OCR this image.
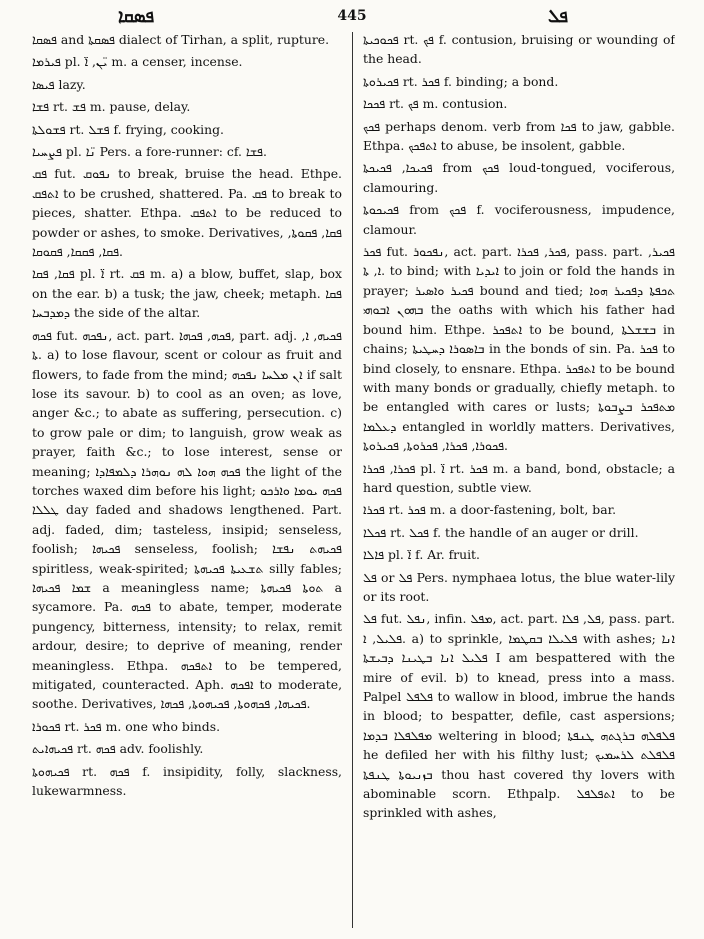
ܦܣܩܐ	445	ܦܠ

ܦܣܩܐ and ܦܣܩܬܐ dialect of Tirhan, a split, rupture.

ܦܝܪܡܐ pl. ܝ̈ܢ, ܐ̈ m. a censer, incense.

ܦܝܣܐ lazy.

ܦܫܐ rt. ܦܫ m. pause, delay.

ܦܫܘܠܬܐ rt. ܦܫܠ f. frying, cooking.

ܦܨܚܝܐ pl. ܢ̈ܐ Pers. a fore-runner: cf. ܦܫܐ.

ܦܩ fut. ܢܦܘܩ to break, bruise the head. Ethpe. ܐܬܦܩ to be crushed, shattered. Pa. ܦܩ to break to pieces, shatter. Ethpa. ܐܬܦܩ to be reduced to powder or ashes, to smoke. Derivatives, ܦܩܐ, ܦܩܘܬܐ, ܦܩܐ, ܦܩܩܐ, ܦܩܘܩܐ.

ܦܩܐ, ܦܩܐ pl. ܐ̈ rt. ܦܩ m. a) a blow, buffet, slap, box on the ear. b) a tusk; the jaw, cheek; metaph. ܦܩܐ ܕܡܕܒܚܐ the side of the altar.

ܦܟܗ fut. ܢܦܟܗ, act. part. ܦܟܗ, ܦܟܗܐ, part. adj. ܦܟܝܗ, ܐ, ܬܐ. a) to lose flavour, scent or colour as fruit and flowers, to fade from the mind; ܐܢ ܡܠܚܐ ܢܦܟܗ if salt lose its savour. b) to cool as an oven; as love, anger &c.; to abate as suffering, persecution. c) to grow pale or dim; to languish, grow weak as prayer, faith &c.; to lose interest, sense or meaning; ܦܟܗ ܗܘܐ ܠܗ ܢܘܗܪܐ ܕܠܡܦܐܕܐ the light of the torches waxed dim before his light; ܦܟܗ ܝܘܡܐ ܘܐܪܟܘ ܛܠܠܐ day faded and shadows lengthened. Part. adj. faded, dim; tasteless, insipid; senseless, foolish; ܦܟܝܗܐ senseless, foolish; ܦܟܝܗܬ ܢܦܫܐ spiritless, weak-spirited; ܬܫܥܝܬܐ ܦܟܝܗܬܐ silly fables; ܫܡܐ ܦܟܝܗܐ a meaningless name; ܬܘܬܐ ܦܟܝܗܬܐ a sycamore. Pa. ܦܟܗ to abate, temper, moderate pungency, bitterness, intensity; to relax, remit ardour, desire; to deprive of meaning, render meaningless. Ethpa. ܐܬܦܟܗ to be tempered, mitigated, counteracted. Aph. ܐܦܟܗ to moderate, soothe. Derivatives, ܦܟܝܗܐ, ܦܟܗܘܬܐ, ܦܟܝܗܘܬܐ, ܦܟܗܐ.

ܦܟܘܪܐ rt. ܦܟܪ m. one who binds.

ܦܟܝܗܐܝܬ rt. ܦܟܗ adv. foolishly.

ܦܟܝܗܘܬܐ rt. ܦܟܗ f. insipidity, folly, slackness, lukewarmness.

ܦܟܘܟܝܬܐ rt. ܦܟ f. contusion, bruising or wounding of the head.

ܦܟܝܪܘܬܐ rt. ܦܟܪ f. binding; a bond.

ܦܟܟܐ rt. ܦܟ m. contusion.

ܦܟܟ perhaps denom. verb from ܦܟܐ to jaw, gabble. Ethpa. ܐܬܦܟܟ to abuse, be insolent, gabble.

ܦܟܝܟܐ, ܦܟܝܟܬܐ from ܦܟܟ loud-tongued, vociferous, clamouring.

ܦܟܝܟܘܬܐ from ܦܟܟ f. vociferousness, impudence, clamour.

ܦܟܪ fut. ܢܦܟܘܪ, act. part. ܦܟܪ, ܦܟܪܐ, pass. part. ܦܟܝܪ, ܐ, ܬܐ. to bind; with ܐܝܕܝܐ to join or fold the hands in prayer; ܦܟܝܪ ܘܐܣܝܪ bound and tied; ܬܟܦܬܐ ܕܦܟܝܪ ܗܘܐ ܒܗܘܢ ܐܒܘܗܝ the oaths with which his father had bound him. Ethpe. ܐܬܦܟܪ to be bound, ܒܫܫܠܬܐ in chains; ܒܐܣܘܪܐ ܕܚܛܝܬܐ in the bonds of sin. Pa. ܦܟܪ to bind closely, to ensnare. Ethpa. ܐܬܦܟܪ to be bound with many bonds or gradually, chiefly metaph. to be entangled with cares or lusts; ܡܬܦܟܪ ܒܨܒܘܬܐ ܕܥܠܡܐ entangled in worldly matters. Derivatives, ܦܟܘܪܐ, ܦܟܪܐ, ܦܟܪܘܬܐ, ܦܟܝܪܘܬܐ.

ܦܟܪܐ, ܦܟܪܐ pl. ܐ̈ rt. ܦܟܪ m. a band, bond, obstacle; a hard question, subtle view.

ܦܟܪܐ rt. ܦܟܪ m. a door-fastening, bolt, bar.

ܦܟܠܐ rt. ܦܟܠ f. the handle of an auger or drill.

ܦܐܠܐ pl. ܐ̈ f. Ar. fruit.

ܦܠ or ܦܠ Pers. nymphaea lotus, the blue water-lily or its root.

ܦܠ fut. ܢܦܠ, infin. ܡܦܠ, act. part. ܦܠ, ܦܠܐ, pass. part. ܦܠܝܠ, ܐ. a) to sprinkle, ܦܠܝܠܐ ܒܩܛܡܐ with ashes; ܐܢܐ ܦܠܝܠ ܐܢܐ ܒܛܝܢܐ ܕܒܝܫܬܐ I am bespattered with the mire of evil. b) to knead, press into a mass. Palpel ܦܠܦܠ to wallow in blood, imbrue the hands in blood; to bespatter, defile, cast aspersions; ܡܦܠܦܠܐ ܒܕܡܐ weltering in blood; ܦܠܦܠܗ ܒܪܓܬܗ ܛܢܦܬܐ he defiled her with his filthy lust; ܦܠܦܠܬ ܠܪܚܡܝܟ ܒܙܢܝܘܬܐ ܛܢܦܬܐ thou hast covered thy lovers with abominable scorn. Ethpalp. ܐܬܦܠܦܠ to be sprinkled with ashes,
